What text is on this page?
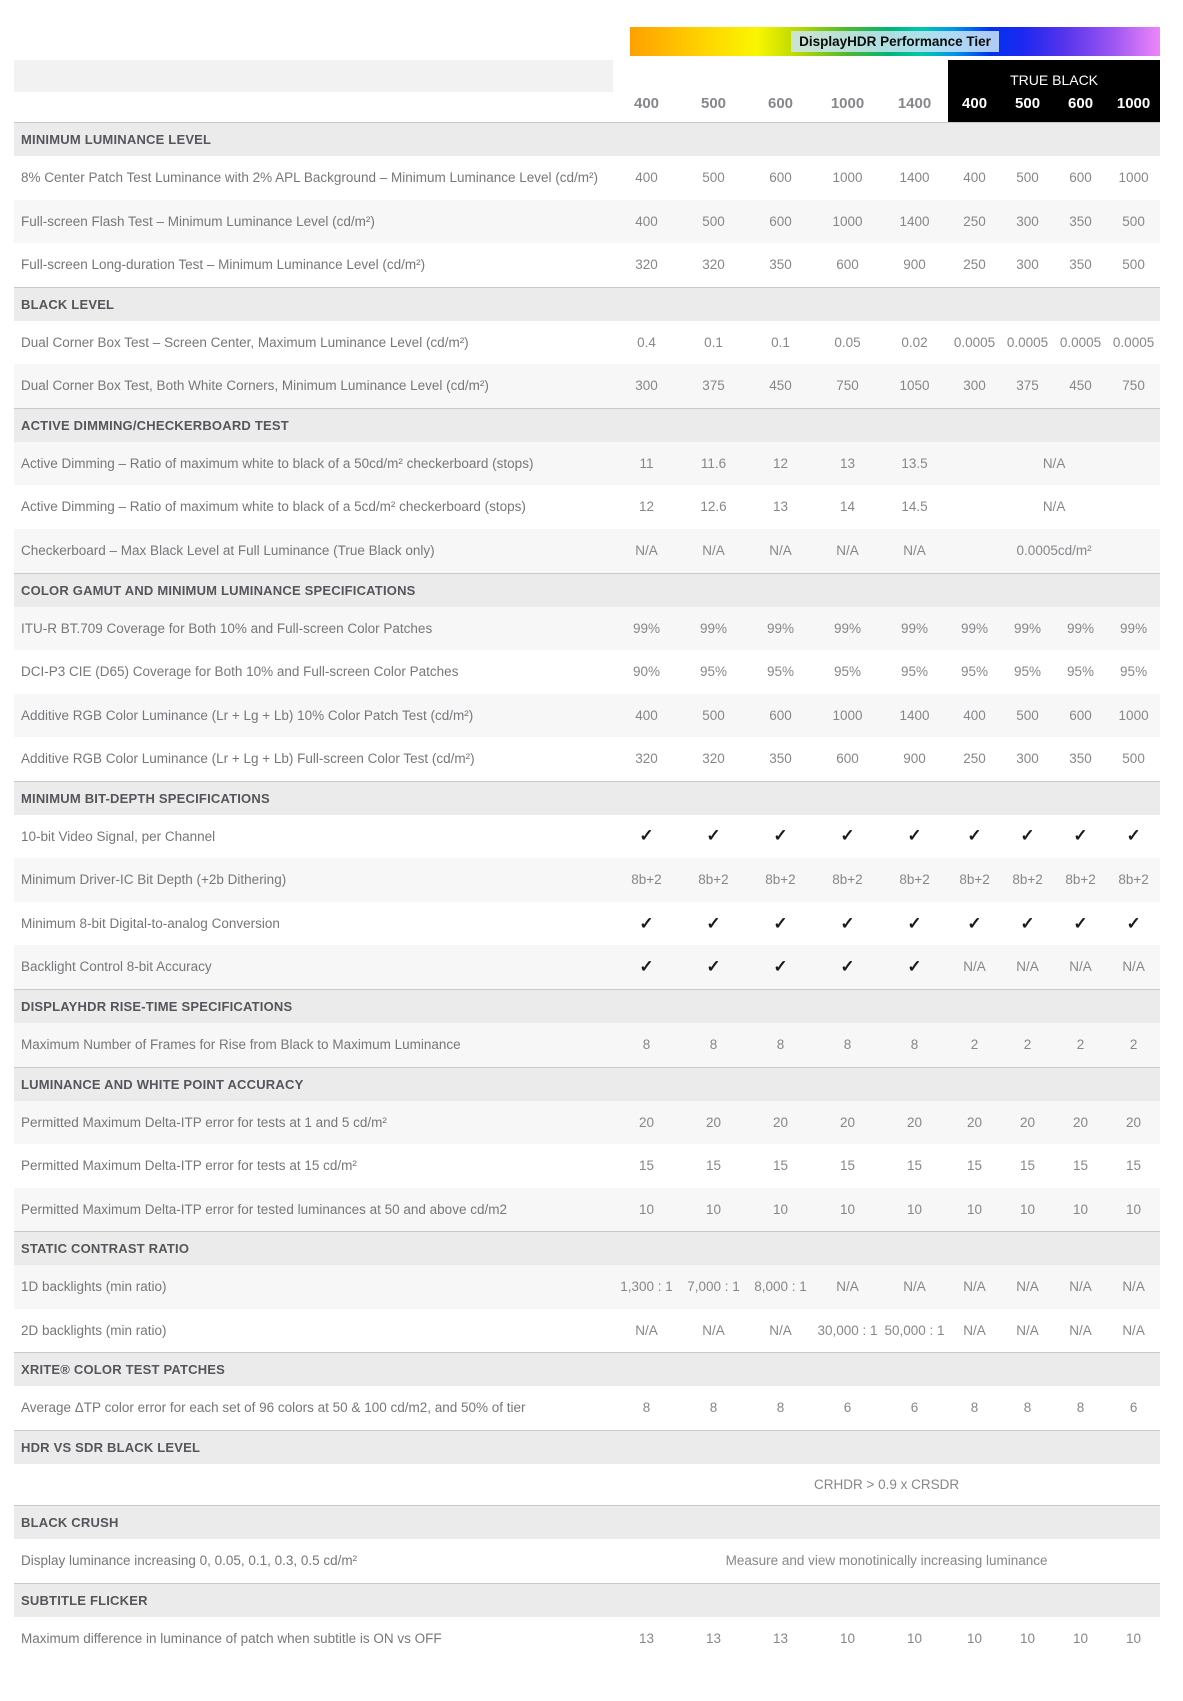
DisplayHDR Performance Tier
						TRUE BLACK			
	400	500	600	1000	1400	400	500	600	1000
MINIMUM LUMINANCE LEVEL									
8% Center Patch Test Luminance with 2% APL Background – Minimum Luminance Level (cd/m²)	400	500	600	1000	1400	400	500	600	1000
Full-screen Flash Test – Minimum Luminance Level (cd/m²)	400	500	600	1000	1400	250	300	350	500
Full-screen Long-duration Test – Minimum Luminance Level (cd/m²)	320	320	350	600	900	250	300	350	500
BLACK LEVEL									
Dual Corner Box Test – Screen Center, Maximum Luminance Level (cd/m²)	0.4	0.1	0.1	0.05	0.02	0.0005	0.0005	0.0005	0.0005
Dual Corner Box Test, Both White Corners, Minimum Luminance Level (cd/m²)	300	375	450	750	1050	300	375	450	750
ACTIVE DIMMING/CHECKERBOARD TEST									
Active Dimming – Ratio of maximum white to black of a 50cd/m² checkerboard (stops)	11	11.6	12	13	13.5	N/A			
Active Dimming – Ratio of maximum white to black of a 5cd/m² checkerboard (stops)	12	12.6	13	14	14.5	N/A			
Checkerboard – Max Black Level at Full Luminance (True Black only)	N/A	N/A	N/A	N/A	N/A	0.0005cd/m²			
COLOR GAMUT AND MINIMUM LUMINANCE SPECIFICATIONS									
ITU-R BT.709 Coverage for Both 10% and Full-screen Color Patches	99%	99%	99%	99%	99%	99%	99%	99%	99%
DCI-P3 CIE (D65) Coverage for Both 10% and Full-screen Color Patches	90%	95%	95%	95%	95%	95%	95%	95%	95%
Additive RGB Color Luminance (Lr + Lg + Lb) 10% Color Patch Test (cd/m²)	400	500	600	1000	1400	400	500	600	1000
Additive RGB Color Luminance (Lr + Lg + Lb) Full-screen Color Test (cd/m²)	320	320	350	600	900	250	300	350	500
MINIMUM BIT-DEPTH SPECIFICATIONS									
10-bit Video Signal, per Channel	✓	✓	✓	✓	✓	✓	✓	✓	✓
Minimum Driver-IC Bit Depth (+2b Dithering)	8b+2	8b+2	8b+2	8b+2	8b+2	8b+2	8b+2	8b+2	8b+2
Minimum 8-bit Digital-to-analog Conversion	✓	✓	✓	✓	✓	✓	✓	✓	✓
Backlight Control 8-bit Accuracy	✓	✓	✓	✓	✓	N/A	N/A	N/A	N/A
DISPLAYHDR RISE-TIME SPECIFICATIONS									
Maximum Number of Frames for Rise from Black to Maximum Luminance	8	8	8	8	8	2	2	2	2
LUMINANCE AND WHITE POINT ACCURACY									
Permitted Maximum Delta-ITP error for tests at 1 and 5 cd/m²	20	20	20	20	20	20	20	20	20
Permitted Maximum Delta-ITP error for tests at 15 cd/m²	15	15	15	15	15	15	15	15	15
Permitted Maximum Delta-ITP error for tested luminances at 50 and above cd/m2	10	10	10	10	10	10	10	10	10
STATIC CONTRAST RATIO									
1D backlights (min ratio)	1,300 : 1	7,000 : 1	8,000 : 1	N/A	N/A	N/A	N/A	N/A	N/A
2D backlights (min ratio)	N/A	N/A	N/A	30,000 : 1	50,000 : 1	N/A	N/A	N/A	N/A
XRITE® COLOR TEST PATCHES									
Average ΔTP color error for each set of 96 colors at 50 & 100 cd/m2, and 50% of tier	8	8	8	6	6	8	8	8	6
HDR VS SDR BLACK LEVEL									
	CRHDR > 0.9 x CRSDR								
BLACK CRUSH									
Display luminance increasing 0, 0.05, 0.1, 0.3, 0.5 cd/m²	Measure and view monotinically increasing luminance								
SUBTITLE FLICKER									
Maximum difference in luminance of patch when subtitle is ON vs OFF	13	13	13	10	10	10	10	10	10
